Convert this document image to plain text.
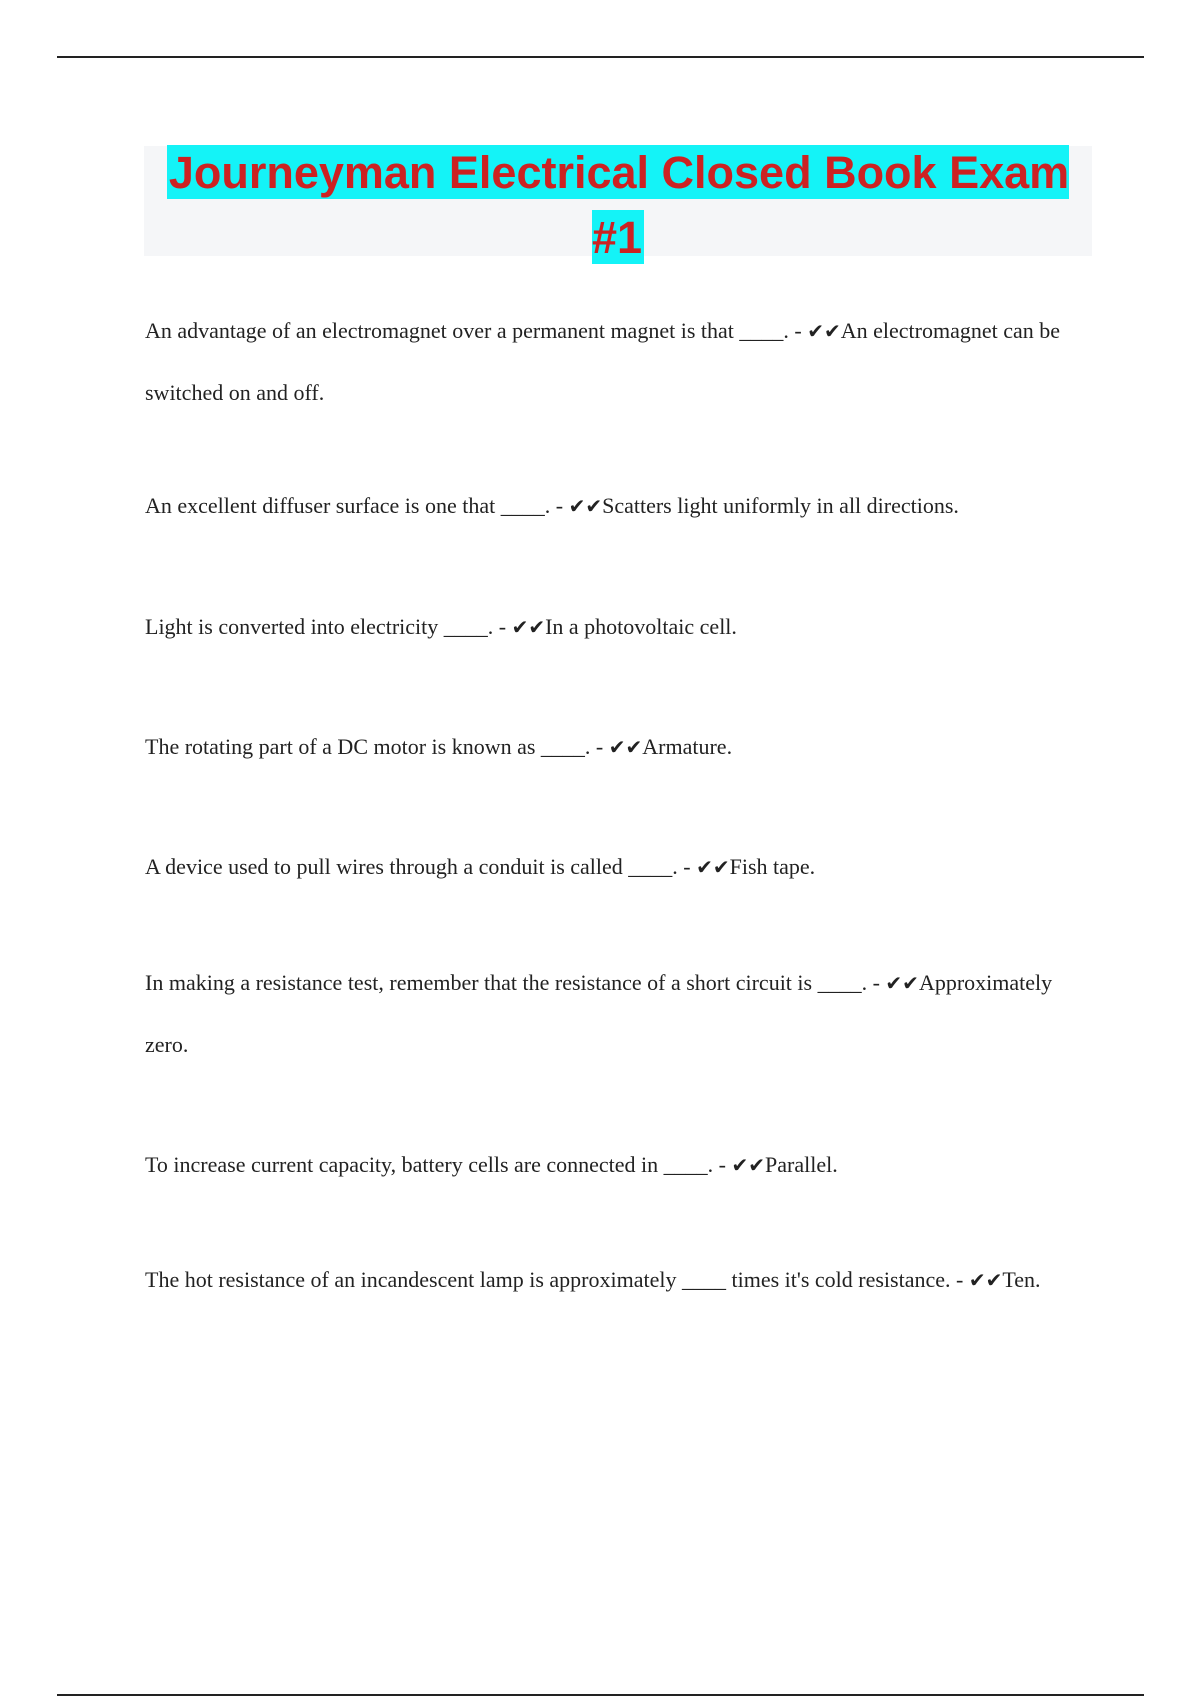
Journeyman Electrical Closed Book Exam #1

An advantage of an electromagnet over a permanent magnet is that ____. - ✔✔An electromagnet can be switched on and off.

An excellent diffuser surface is one that ____. - ✔✔Scatters light uniformly in all directions.

Light is converted into electricity ____. - ✔✔In a photovoltaic cell.

The rotating part of a DC motor is known as ____. - ✔✔Armature.

A device used to pull wires through a conduit is called ____. - ✔✔Fish tape.

In making a resistance test, remember that the resistance of a short circuit is ____. - ✔✔Approximately zero.

To increase current capacity, battery cells are connected in ____. - ✔✔Parallel.

The hot resistance of an incandescent lamp is approximately ____ times it's cold resistance. - ✔✔Ten.
